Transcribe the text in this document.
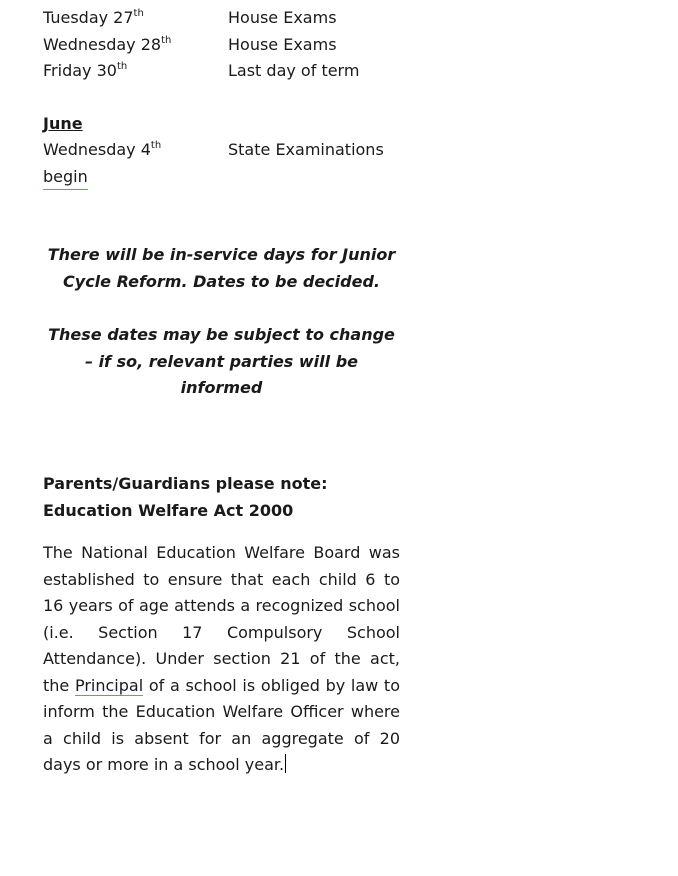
Tuesday 27th	House Exams
Wednesday 28th	House Exams
Friday 30th	Last day of term
June
Wednesday 4th	State Examinations
begin
There will be in-service days for Junior Cycle Reform. Dates to be decided.
These dates may be subject to change – if so, relevant parties will be informed
Parents/Guardians please note: Education Welfare Act 2000
The National Education Welfare Board was established to ensure that each child 6 to 16 years of age attends a recognized school (i.e. Section 17 Compulsory School Attendance). Under section 21 of the act, the Principal of a school is obliged by law to inform the Education Welfare Officer where a child is absent for an aggregate of 20 days or more in a school year.
